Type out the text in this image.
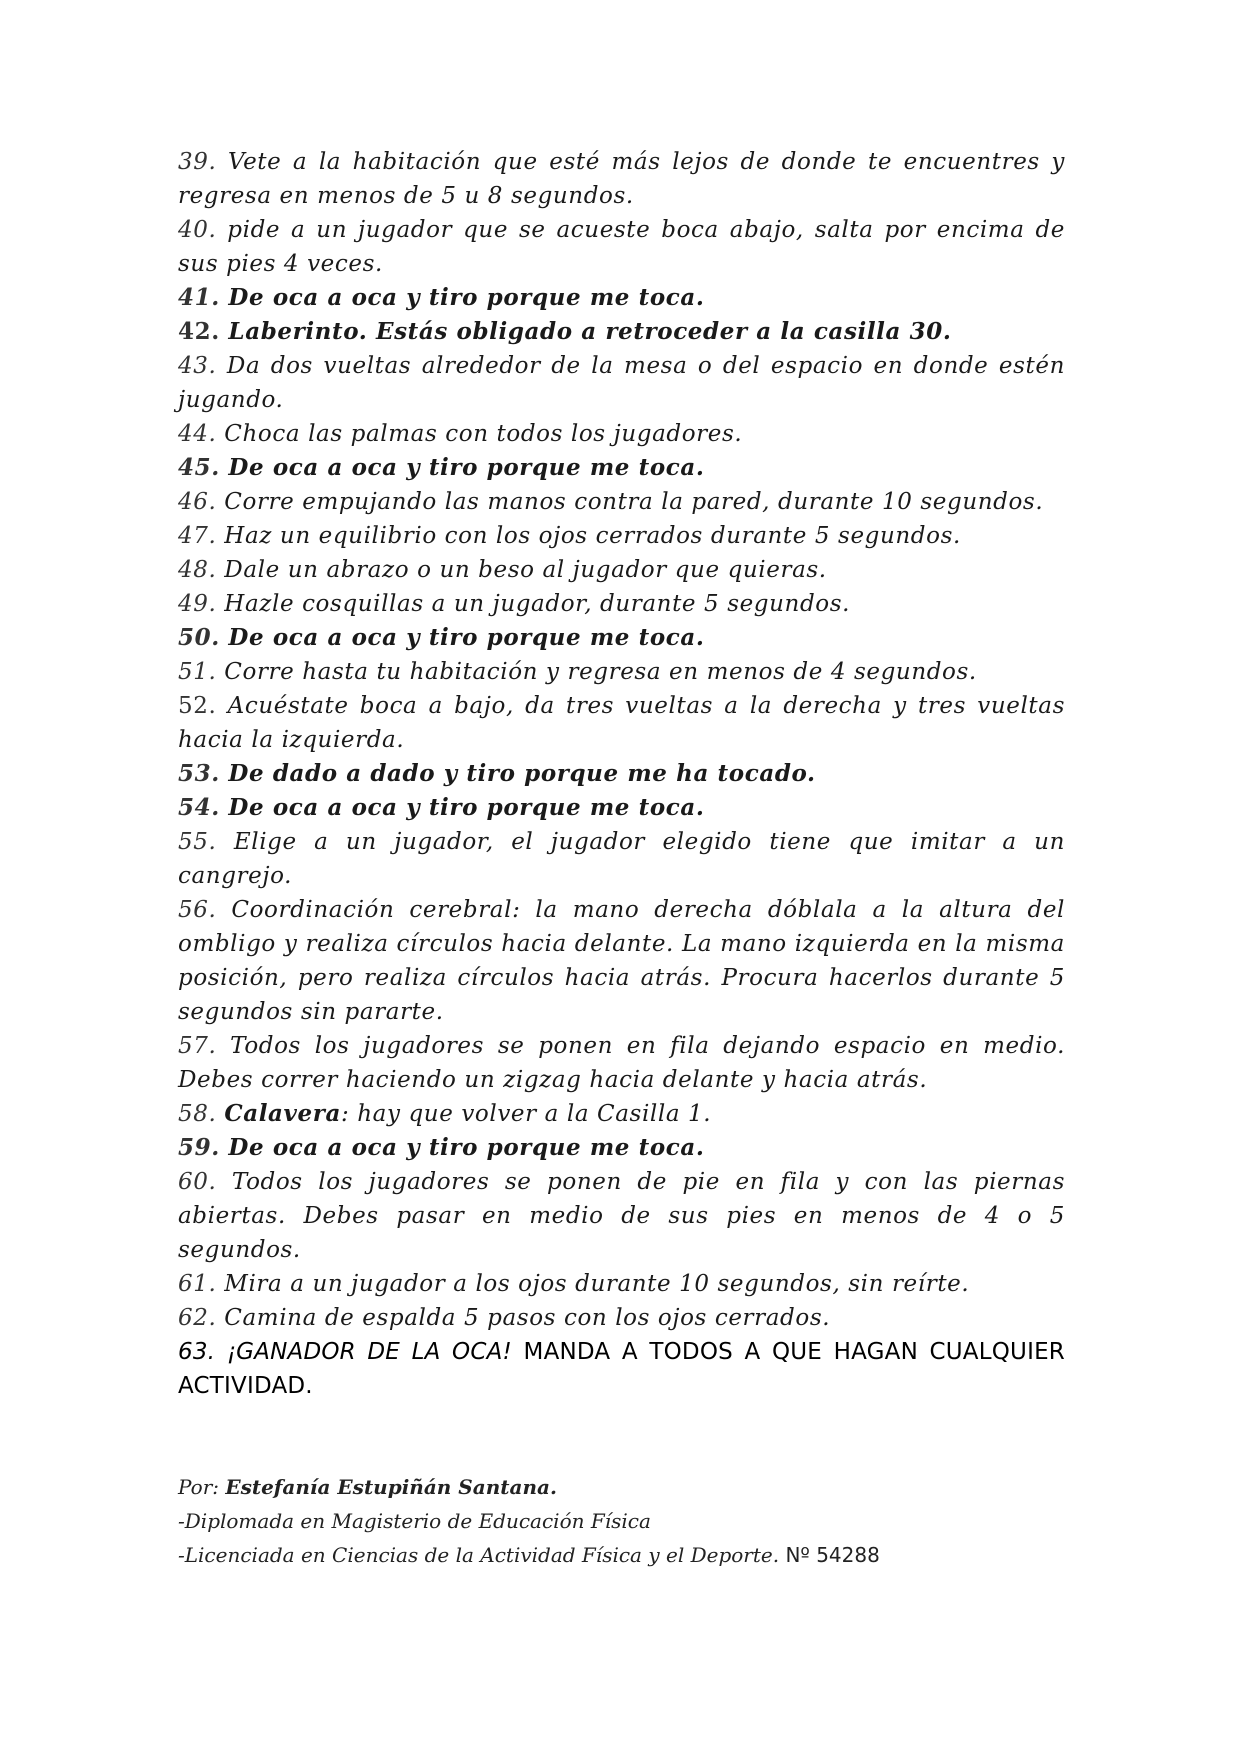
39. Vete a la habitación que esté más lejos de donde te encuentres y regresa en menos de 5 u 8 segundos.

40. pide a un jugador que se acueste boca abajo, salta por encima de sus pies 4 veces.

41. De oca a oca y tiro porque me toca.

42. Laberinto. Estás obligado a retroceder a la casilla 30.

43. Da dos vueltas alrededor de la mesa o del espacio en donde estén jugando.

44. Choca las palmas con todos los jugadores.

45. De oca a oca y tiro porque me toca.

46. Corre empujando las manos contra la pared, durante 10 segundos.

47. Haz un equilibrio con los ojos cerrados durante 5 segundos.

48. Dale un abrazo o un beso al jugador que quieras.

49. Hazle cosquillas a un jugador, durante 5 segundos.

50. De oca a oca y tiro porque me toca.

51. Corre hasta tu habitación y regresa en menos de 4 segundos.

52. Acuéstate boca a bajo, da tres vueltas a la derecha y tres vueltas hacia la izquierda.

53. De dado a dado y tiro porque me ha tocado.

54. De oca a oca y tiro porque me toca.

55. Elige a un jugador, el jugador elegido tiene que imitar a un cangrejo.

56. Coordinación cerebral: la mano derecha dóblala a la altura del ombligo y realiza círculos hacia delante. La mano izquierda en la misma posición, pero realiza círculos hacia atrás. Procura hacerlos durante 5 segundos sin pararte.

57. Todos los jugadores se ponen en fila dejando espacio en medio. Debes correr haciendo un zigzag hacia delante y hacia atrás.

58. Calavera: hay que volver a la Casilla 1.

59. De oca a oca y tiro porque me toca.

60. Todos los jugadores se ponen de pie en fila y con las piernas abiertas. Debes pasar en medio de sus pies en menos de 4 o 5 segundos.

61. Mira a un jugador a los ojos durante 10 segundos, sin reírte.

62. Camina de espalda 5 pasos con los ojos cerrados.

63. ¡GANADOR DE LA OCA! MANDA A TODOS A QUE HAGAN CUALQUIER ACTIVIDAD.

Por: Estefanía Estupiñán Santana.

-Diplomada en Magisterio de Educación Física

-Licenciada en Ciencias de la Actividad Física y el Deporte. Nº 54288
